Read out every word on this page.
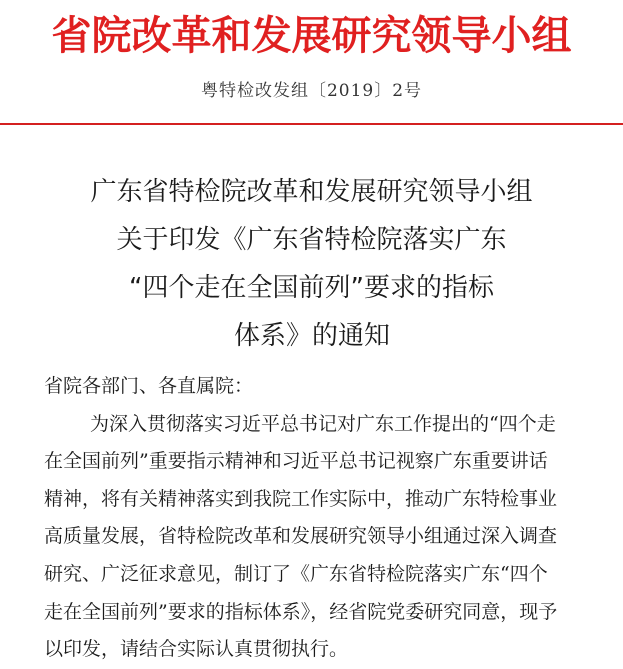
省院改革和发展研究领导小组
粤特检改发组〔2019〕2号
广东省特检院改革和发展研究领导小组
关于印发《广东省特检院落实广东
“四个走在全国前列”要求的指标
体系》的通知
省院各部门、各直属院：
为深入贯彻落实习近平总书记对广东工作提出的“四个走
在全国前列”重要指示精神和习近平总书记视察广东重要讲话
精神，将有关精神落实到我院工作实际中，推动广东特检事业
高质量发展，省特检院改革和发展研究领导小组通过深入调查
研究、广泛征求意见，制订了《广东省特检院落实广东“四个
走在全国前列”要求的指标体系》，经省院党委研究同意，现予
以印发，请结合实际认真贯彻执行。
